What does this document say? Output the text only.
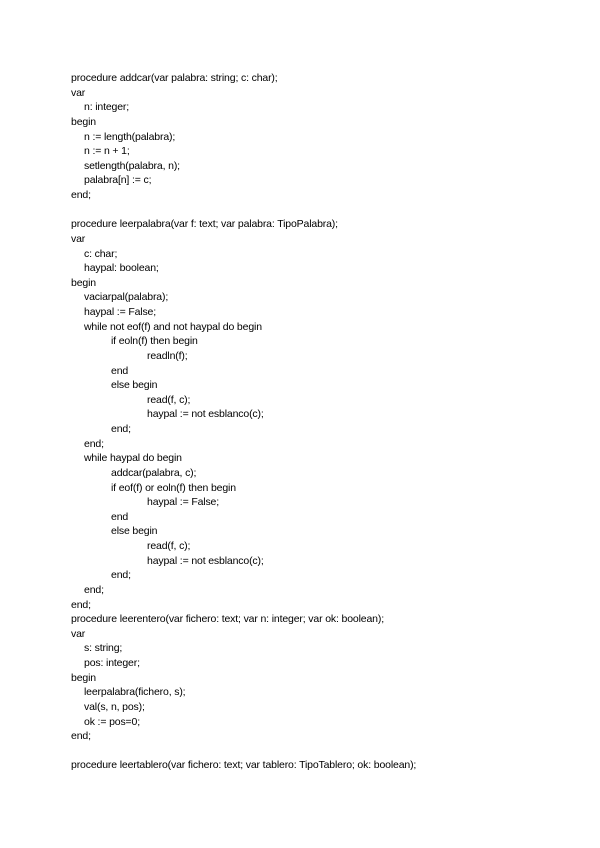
procedure addcar(var palabra: string; c: char);
var
n: integer;
begin
n := length(palabra);
n := n + 1;
setlength(palabra, n);
palabra[n] := c;
end;
procedure leerpalabra(var f: text; var palabra: TipoPalabra);
var
c: char;
haypal: boolean;
begin
vaciarpal(palabra);
haypal := False;
while not eof(f) and not haypal do begin
if eoln(f) then begin
readln(f);
end
else begin
read(f, c);
haypal := not esblanco(c);
end;
end;
while haypal do begin
addcar(palabra, c);
if eof(f) or eoln(f) then begin
haypal := False;
end
else begin
read(f, c);
haypal := not esblanco(c);
end;
end;
end;
procedure leerentero(var fichero: text; var n: integer; var ok: boolean);
var
s: string;
pos: integer;
begin
leerpalabra(fichero, s);
val(s, n, pos);
ok := pos=0;
end;
procedure leertablero(var fichero: text; var tablero: TipoTablero; ok: boolean);
